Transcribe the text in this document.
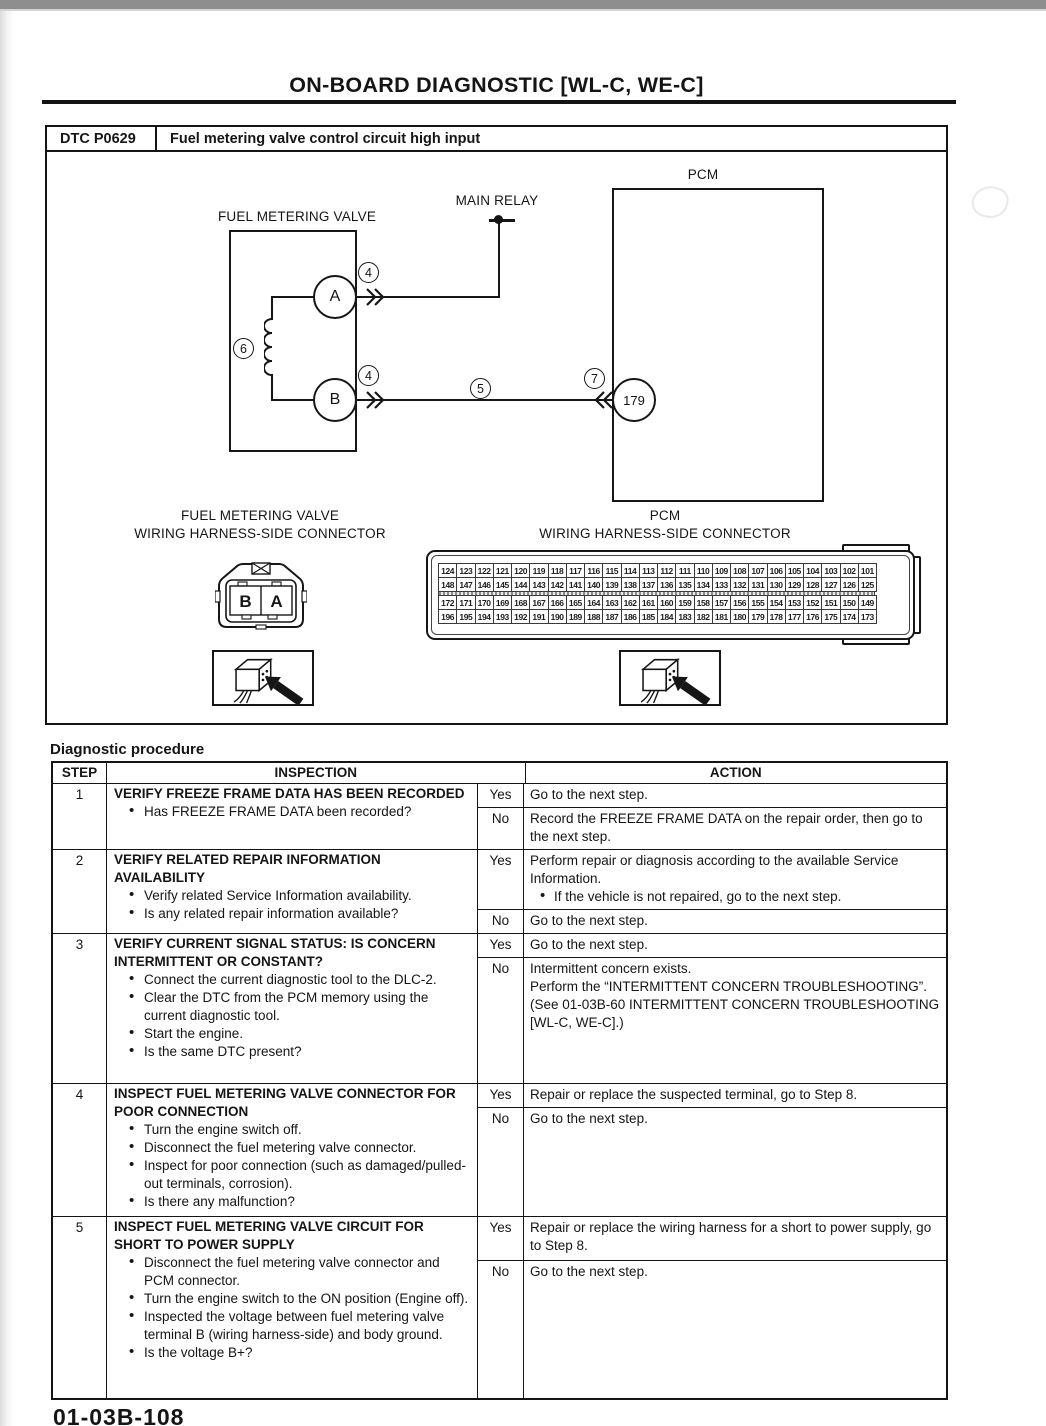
ON-BOARD DIAGNOSTIC [WL-C, WE-C]
DTC P0629	Fuel metering valve control circuit high input
FUEL METERING VALVE
6
A
B
4
MAIN RELAY
4
5
7
PCM
179
FUEL METERING VALVE
WIRING HARNESS-SIDE CONNECTOR
PCM
WIRING HARNESS-SIDE CONNECTOR
B	A
124 123 122 121 120 119 118 117 116 115 114 113 112 111 110 109 108 107 106 105 104 103 102 101
148 147 146 145 144 143 142 141 140 139 138 137 136 135 134 133 132 131 130 129 128 127 126 125
172 171 170 169 168 167 166 165 164 163 162 161 160 159 158 157 156 155 154 153 152 151 150 149
196 195 194 193 192 191 190 189 188 187 186 185 184 183 182 181 180 179 178 177 176 175 174 173
Diagnostic procedure
STEP	INSPECTION	ACTION
1	VERIFY FREEZE FRAME DATA HAS BEEN RECORDED
• Has FREEZE FRAME DATA been recorded?
Yes	Go to the next step.
No	Record the FREEZE FRAME DATA on the repair order, then go to the next step.
2	VERIFY RELATED REPAIR INFORMATION AVAILABILITY
• Verify related Service Information availability.
• Is any related repair information available?
Yes	Perform repair or diagnosis according to the available Service Information.
• If the vehicle is not repaired, go to the next step.
No	Go to the next step.
3	VERIFY CURRENT SIGNAL STATUS: IS CONCERN INTERMITTENT OR CONSTANT?
• Connect the current diagnostic tool to the DLC-2.
• Clear the DTC from the PCM memory using the current diagnostic tool.
• Start the engine.
• Is the same DTC present?
Yes	Go to the next step.
No	Intermittent concern exists.
Perform the “INTERMITTENT CONCERN TROUBLESHOOTING”.
(See 01-03B-60 INTERMITTENT CONCERN TROUBLESHOOTING [WL-C, WE-C].)
4	INSPECT FUEL METERING VALVE CONNECTOR FOR POOR CONNECTION
• Turn the engine switch off.
• Disconnect the fuel metering valve connector.
• Inspect for poor connection (such as damaged/pulled-out terminals, corrosion).
• Is there any malfunction?
Yes	Repair or replace the suspected terminal, go to Step 8.
No	Go to the next step.
5	INSPECT FUEL METERING VALVE CIRCUIT FOR SHORT TO POWER SUPPLY
• Disconnect the fuel metering valve connector and PCM connector.
• Turn the engine switch to the ON position (Engine off).
• Inspected the voltage between fuel metering valve terminal B (wiring harness-side) and body ground.
• Is the voltage B+?
Yes	Repair or replace the wiring harness for a short to power supply, go to Step 8.
No	Go to the next step.
01-03B-108
